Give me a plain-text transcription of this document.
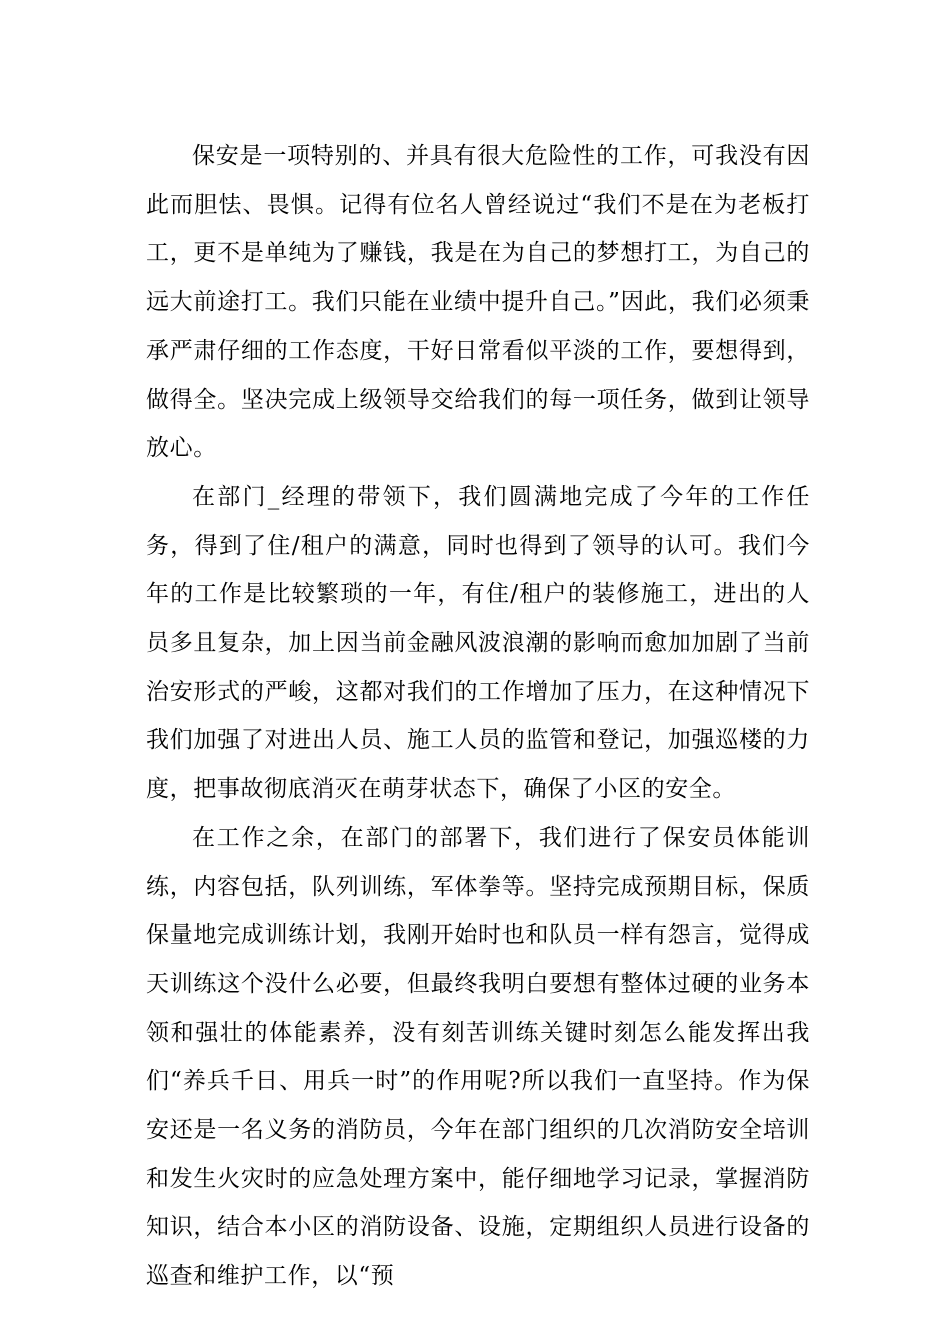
保安是一项特别的、并具有很大危险性的工作，可我没有因此而胆怯、畏惧。记得有位名人曾经说过“我们不是在为老板打工，更不是单纯为了赚钱，我是在为自己的梦想打工，为自己的远大前途打工。我们只能在业绩中提升自己。”因此，我们必须秉承严肃仔细的工作态度，干好日常看似平淡的工作，要想得到，做得全。坚决完成上级领导交给我们的每一项任务，做到让领导放心。

在部门_经理的带领下，我们圆满地完成了今年的工作任务，得到了住/租户的满意，同时也得到了领导的认可。我们今年的工作是比较繁琐的一年，有住/租户的装修施工，进出的人员多且复杂，加上因当前金融风波浪潮的影响而愈加加剧了当前治安形式的严峻，这都对我们的工作增加了压力，在这种情况下我们加强了对进出人员、施工人员的监管和登记，加强巡楼的力度，把事故彻底消灭在萌芽状态下，确保了小区的安全。

在工作之余，在部门的部署下，我们进行了保安员体能训练，内容包括，队列训练，军体拳等。坚持完成预期目标，保质保量地完成训练计划，我刚开始时也和队员一样有怨言，觉得成天训练这个没什么必要，但最终我明白要想有整体过硬的业务本领和强壮的体能素养，没有刻苦训练关键时刻怎么能发挥出我们“养兵千日、用兵一时”的作用呢?所以我们一直坚持。作为保安还是一名义务的消防员，今年在部门组织的几次消防安全培训和发生火灾时的应急处理方案中，能仔细地学习记录，掌握消防知识，结合本小区的消防设备、设施，定期组织人员进行设备的巡查和维护工作，以“预
